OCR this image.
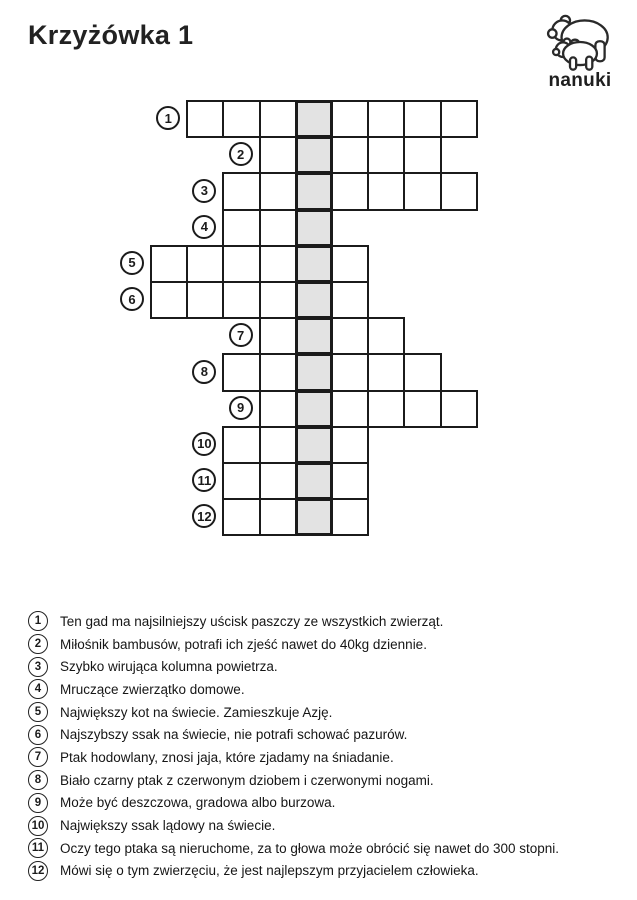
Krzyżówka 1
nanuki
1
2
3
4
5
6
7
8
9
10
11
12
1	Ten gad ma najsilniejszy uścisk paszczy ze wszystkich zwierząt.
2	Miłośnik bambusów, potrafi ich zjeść nawet do 40kg dziennie.
3	Szybko wirująca kolumna powietrza.
4	Mruczące zwierzątko domowe.
5	Największy kot na świecie. Zamieszkuje Azję.
6	Najszybszy ssak na świecie, nie potrafi schować pazurów.
7	Ptak hodowlany, znosi jaja, które zjadamy na śniadanie.
8	Biało czarny ptak z czerwonym dziobem i czerwonymi nogami.
9	Może być deszczowa, gradowa albo burzowa.
10 Największy ssak lądowy na świecie.
11 Oczy tego ptaka są nieruchome, za to głowa może obrócić się nawet do 300 stopni.
12 Mówi się o tym zwierzęciu, że jest najlepszym przyjacielem człowieka.
